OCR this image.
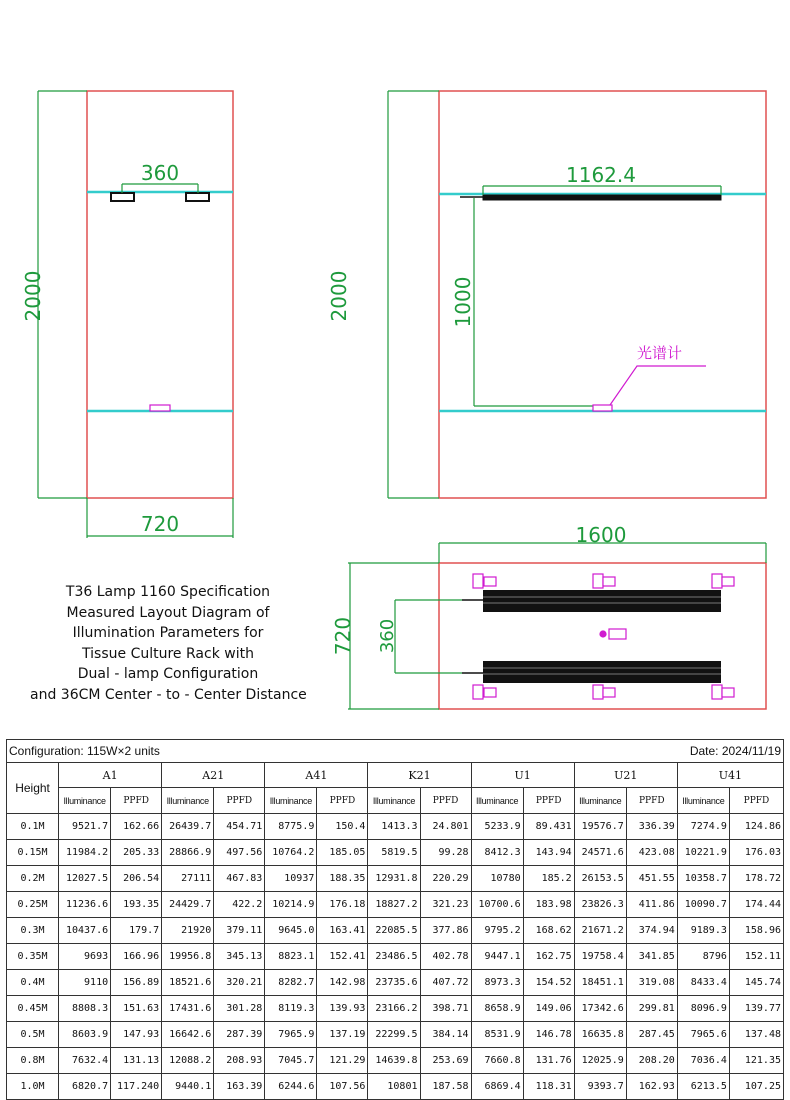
2000
360
720
2000
1162.4
1000
光谱计
1600
720 360
T36 Lamp 1160 Specification
Measured Layout Diagram of
Illumination Parameters for
Tissue Culture Rack with
Dual - lamp Configuration
and 36CM Center - to - Center Distance
Configuration: 115W×2 units Date: 2024/11/19														

Height	A1		A21		A41		K21		U1		U21		U41	
	Illuminance	PPFD	Illuminance	PPFD	Illuminance	PPFD	Illuminance	PPFD	Illuminance	PPFD	Illuminance	PPFD	Illuminance	PPFD
0.1M	9521.7	162.66	26439.7	454.71	8775.9	150.4	1413.3	24.801	5233.9	89.431	19576.7	336.39	7274.9	124.86
0.15M	11984.2	205.33	28866.9	497.56	10764.2	185.05	5819.5	99.28	8412.3	143.94	24571.6	423.08	10221.9	176.03
0.2M	12027.5	206.54	27111	467.83	10937	188.35	12931.8	220.29	10780	185.2	26153.5	451.55	10358.7	178.72
0.25M	11236.6	193.35	24429.7	422.2	10214.9	176.18	18827.2	321.23	10700.6	183.98	23826.3	411.86	10090.7	174.44
0.3M	10437.6	179.7	21920	379.11	9645.0	163.41	22085.5	377.86	9795.2	168.62	21671.2	374.94	9189.3	158.96
0.35M	9693	166.96	19956.8	345.13	8823.1	152.41	23486.5	402.78	9447.1	162.75	19758.4	341.85	8796	152.11
0.4M	9110	156.89	18521.6	320.21	8282.7	142.98	23735.6	407.72	8973.3	154.52	18451.1	319.08	8433.4	145.74
0.45M	8808.3	151.63	17431.6	301.28	8119.3	139.93	23166.2	398.71	8658.9	149.06	17342.6	299.81	8096.9	139.77
0.5M	8603.9	147.93	16642.6	287.39	7965.9	137.19	22299.5	384.14	8531.9	146.78	16635.8	287.45	7965.6	137.48
0.8M	7632.4	131.13	12088.2	208.93	7045.7	121.29	14639.8	253.69	7660.8	131.76	12025.9	208.20	7036.4	121.35
1.0M	6820.7	117.240	9440.1	163.39	6244.6	107.56	10801	187.58	6869.4	118.31	9393.7	162.93	6213.5	107.25
